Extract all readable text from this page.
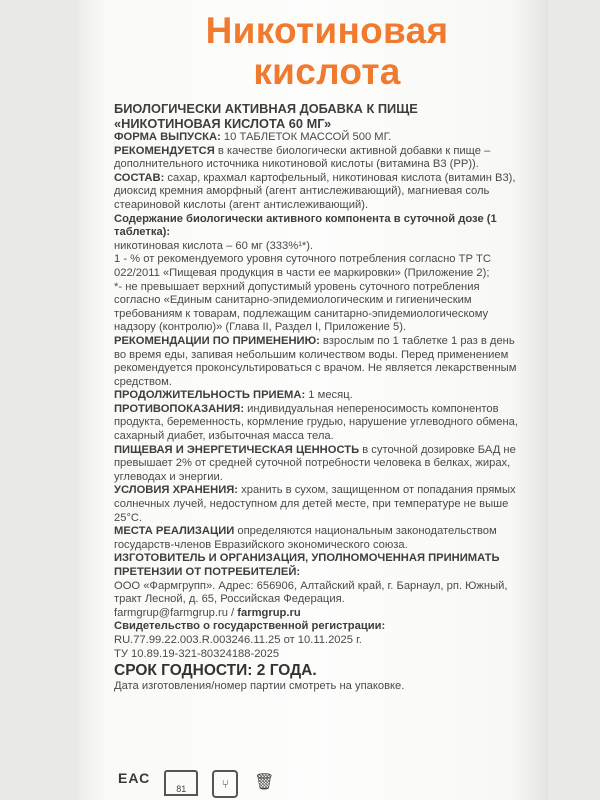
Никотиновая
кислота

БИОЛОГИЧЕСКИ АКТИВНАЯ ДОБАВКА К ПИЩЕ

«НИКОТИНОВАЯ КИСЛОТА 60 МГ»

ФОРМА ВЫПУСКА: 10 ТАБЛЕТОК МАССОЙ 500 МГ.

РЕКОМЕНДУЕТСЯ в качестве биологически активной добавки к пище – дополнительного источника никотиновой кислоты (витамина В3 (PP)).

СОСТАВ: сахар, крахмал картофельный, никотиновая кислота (витамин В3), диоксид кремния аморфный (агент антислеживающий), магниевая соль стеариновой кислоты (агент антислеживающий).

Содержание биологически активного компонента в суточной дозе (1 таблетка):

никотиновая кислота – 60 мг (333%¹*).

1 - % от рекомендуемого уровня суточного потребления согласно ТР ТС 022/2011 «Пищевая продукция в части ее маркировки» (Приложение 2);

*- не превышает верхний допустимый уровень суточного потребления согласно «Единым санитарно-эпидемиологическим и гигиеническим требованиям к товарам, подлежащим санитарно-эпидемиологическому надзору (контролю)» (Глава II, Раздел I, Приложение 5).

РЕКОМЕНДАЦИИ ПО ПРИМЕНЕНИЮ: взрослым по 1 таблетке 1 раз в день во время еды, запивая небольшим количеством воды. Перед применением рекомендуется проконсультироваться с врачом. Не является лекарственным средством.

ПРОДОЛЖИТЕЛЬНОСТЬ ПРИЕМА: 1 месяц.

ПРОТИВОПОКАЗАНИЯ: индивидуальная непереносимость компонентов продукта, беременность, кормление грудью, нарушение углеводного обмена, сахарный диабет, избыточная масса тела.

ПИЩЕВАЯ И ЭНЕРГЕТИЧЕСКАЯ ЦЕННОСТЬ в суточной дозировке БАД не превышает 2% от средней суточной потребности человека в белках, жирах, углеводах и энергии.

УСЛОВИЯ ХРАНЕНИЯ: хранить в сухом, защищенном от попадания прямых солнечных лучей, недоступном для детей месте, при температуре не выше 25°С.

МЕСТА РЕАЛИЗАЦИИ определяются национальным законодательством государств-членов Евразийского экономического союза.

ИЗГОТОВИТЕЛЬ И ОРГАНИЗАЦИЯ, УПОЛНОМОЧЕННАЯ ПРИНИМАТЬ ПРЕТЕНЗИИ ОТ ПОТРЕБИТЕЛЕЙ:

ООО «Фармгрупп». Адрес: 656906, Алтайский край, г. Барнаул, рп. Южный, тракт Лесной, д. 65, Российская Федерация.

farmgrup@farmgrup.ru / farmgrup.ru

Свидетельство о государственной регистрации:

RU.77.99.22.003.R.003246.11.25 от 10.11.2025 г.

ТУ 10.89.19-321-80324188-2025

СРОК ГОДНОСТИ: 2 ГОДА.

Дата изготовления/номер партии смотреть на упаковке.

ЕАС
81	⑂	🗑
